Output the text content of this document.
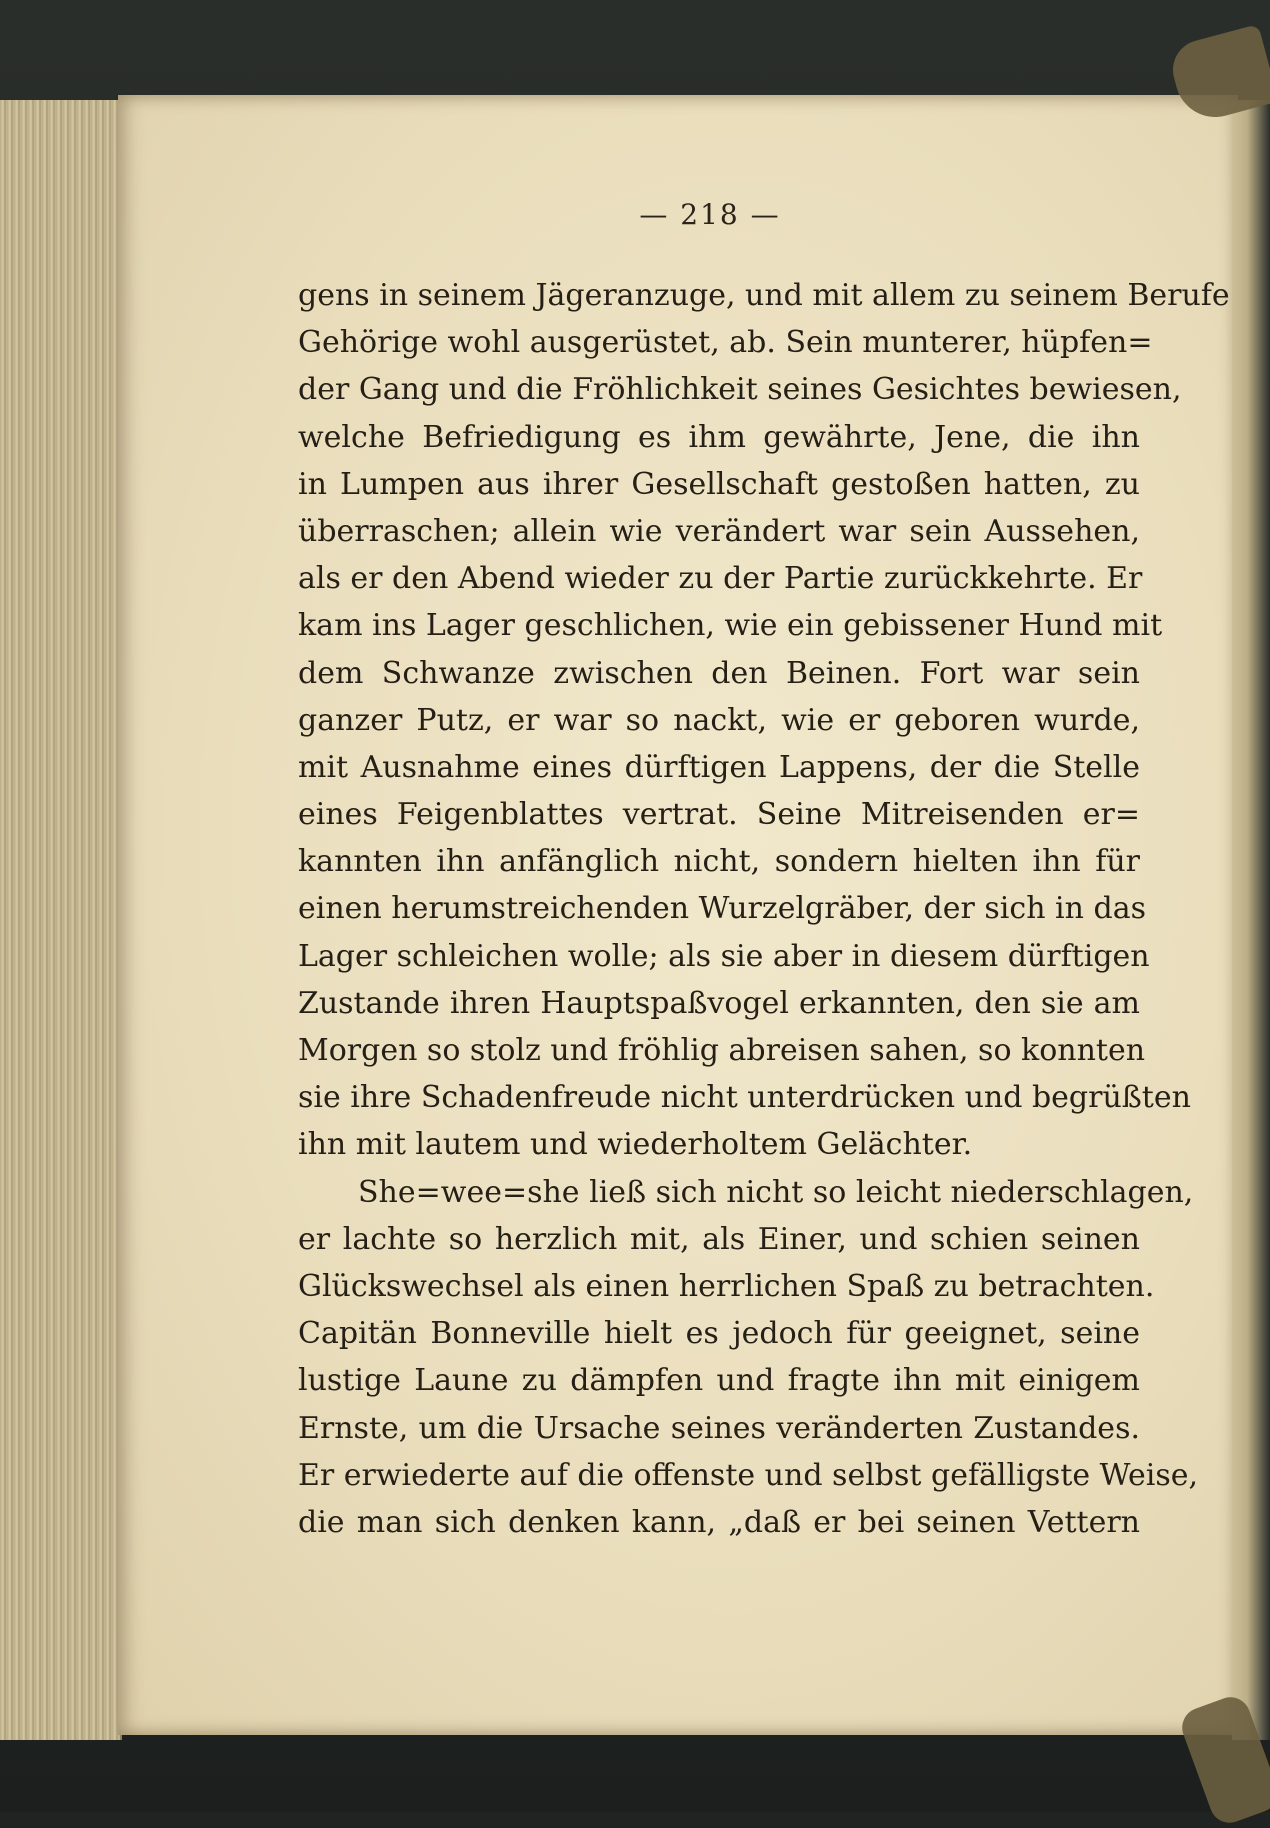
— 218 —
gens in seinem Jägeranzuge, und mit allem zu seinem Berufe
Gehörige wohl ausgerüstet, ab. Sein munterer, hüpfen=
der Gang und die Fröhlichkeit seines Gesichtes bewiesen,
welche Befriedigung es ihm gewährte, Jene, die ihn
in Lumpen aus ihrer Gesellschaft gestoßen hatten, zu
überraschen; allein wie verändert war sein Aussehen,
als er den Abend wieder zu der Partie zurückkehrte. Er
kam ins Lager geschlichen, wie ein gebissener Hund mit
dem Schwanze zwischen den Beinen. Fort war sein
ganzer Putz, er war so nackt, wie er geboren wurde,
mit Ausnahme eines dürftigen Lappens, der die Stelle
eines Feigenblattes vertrat. Seine Mitreisenden er=
kannten ihn anfänglich nicht, sondern hielten ihn für
einen herumstreichenden Wurzelgräber, der sich in das
Lager schleichen wolle; als sie aber in diesem dürftigen
Zustande ihren Hauptspaßvogel erkannten, den sie am
Morgen so stolz und fröhlig abreisen sahen, so konnten
sie ihre Schadenfreude nicht unterdrücken und begrüßten
ihn mit lautem und wiederholtem Gelächter.
She=wee=she ließ sich nicht so leicht niederschlagen,
er lachte so herzlich mit, als Einer, und schien seinen
Glückswechsel als einen herrlichen Spaß zu betrachten.
Capitän Bonneville hielt es jedoch für geeignet, seine
lustige Laune zu dämpfen und fragte ihn mit einigem
Ernste, um die Ursache seines veränderten Zustandes.
Er erwiederte auf die offenste und selbst gefälligste Weise,
die man sich denken kann, „daß er bei seinen Vettern
